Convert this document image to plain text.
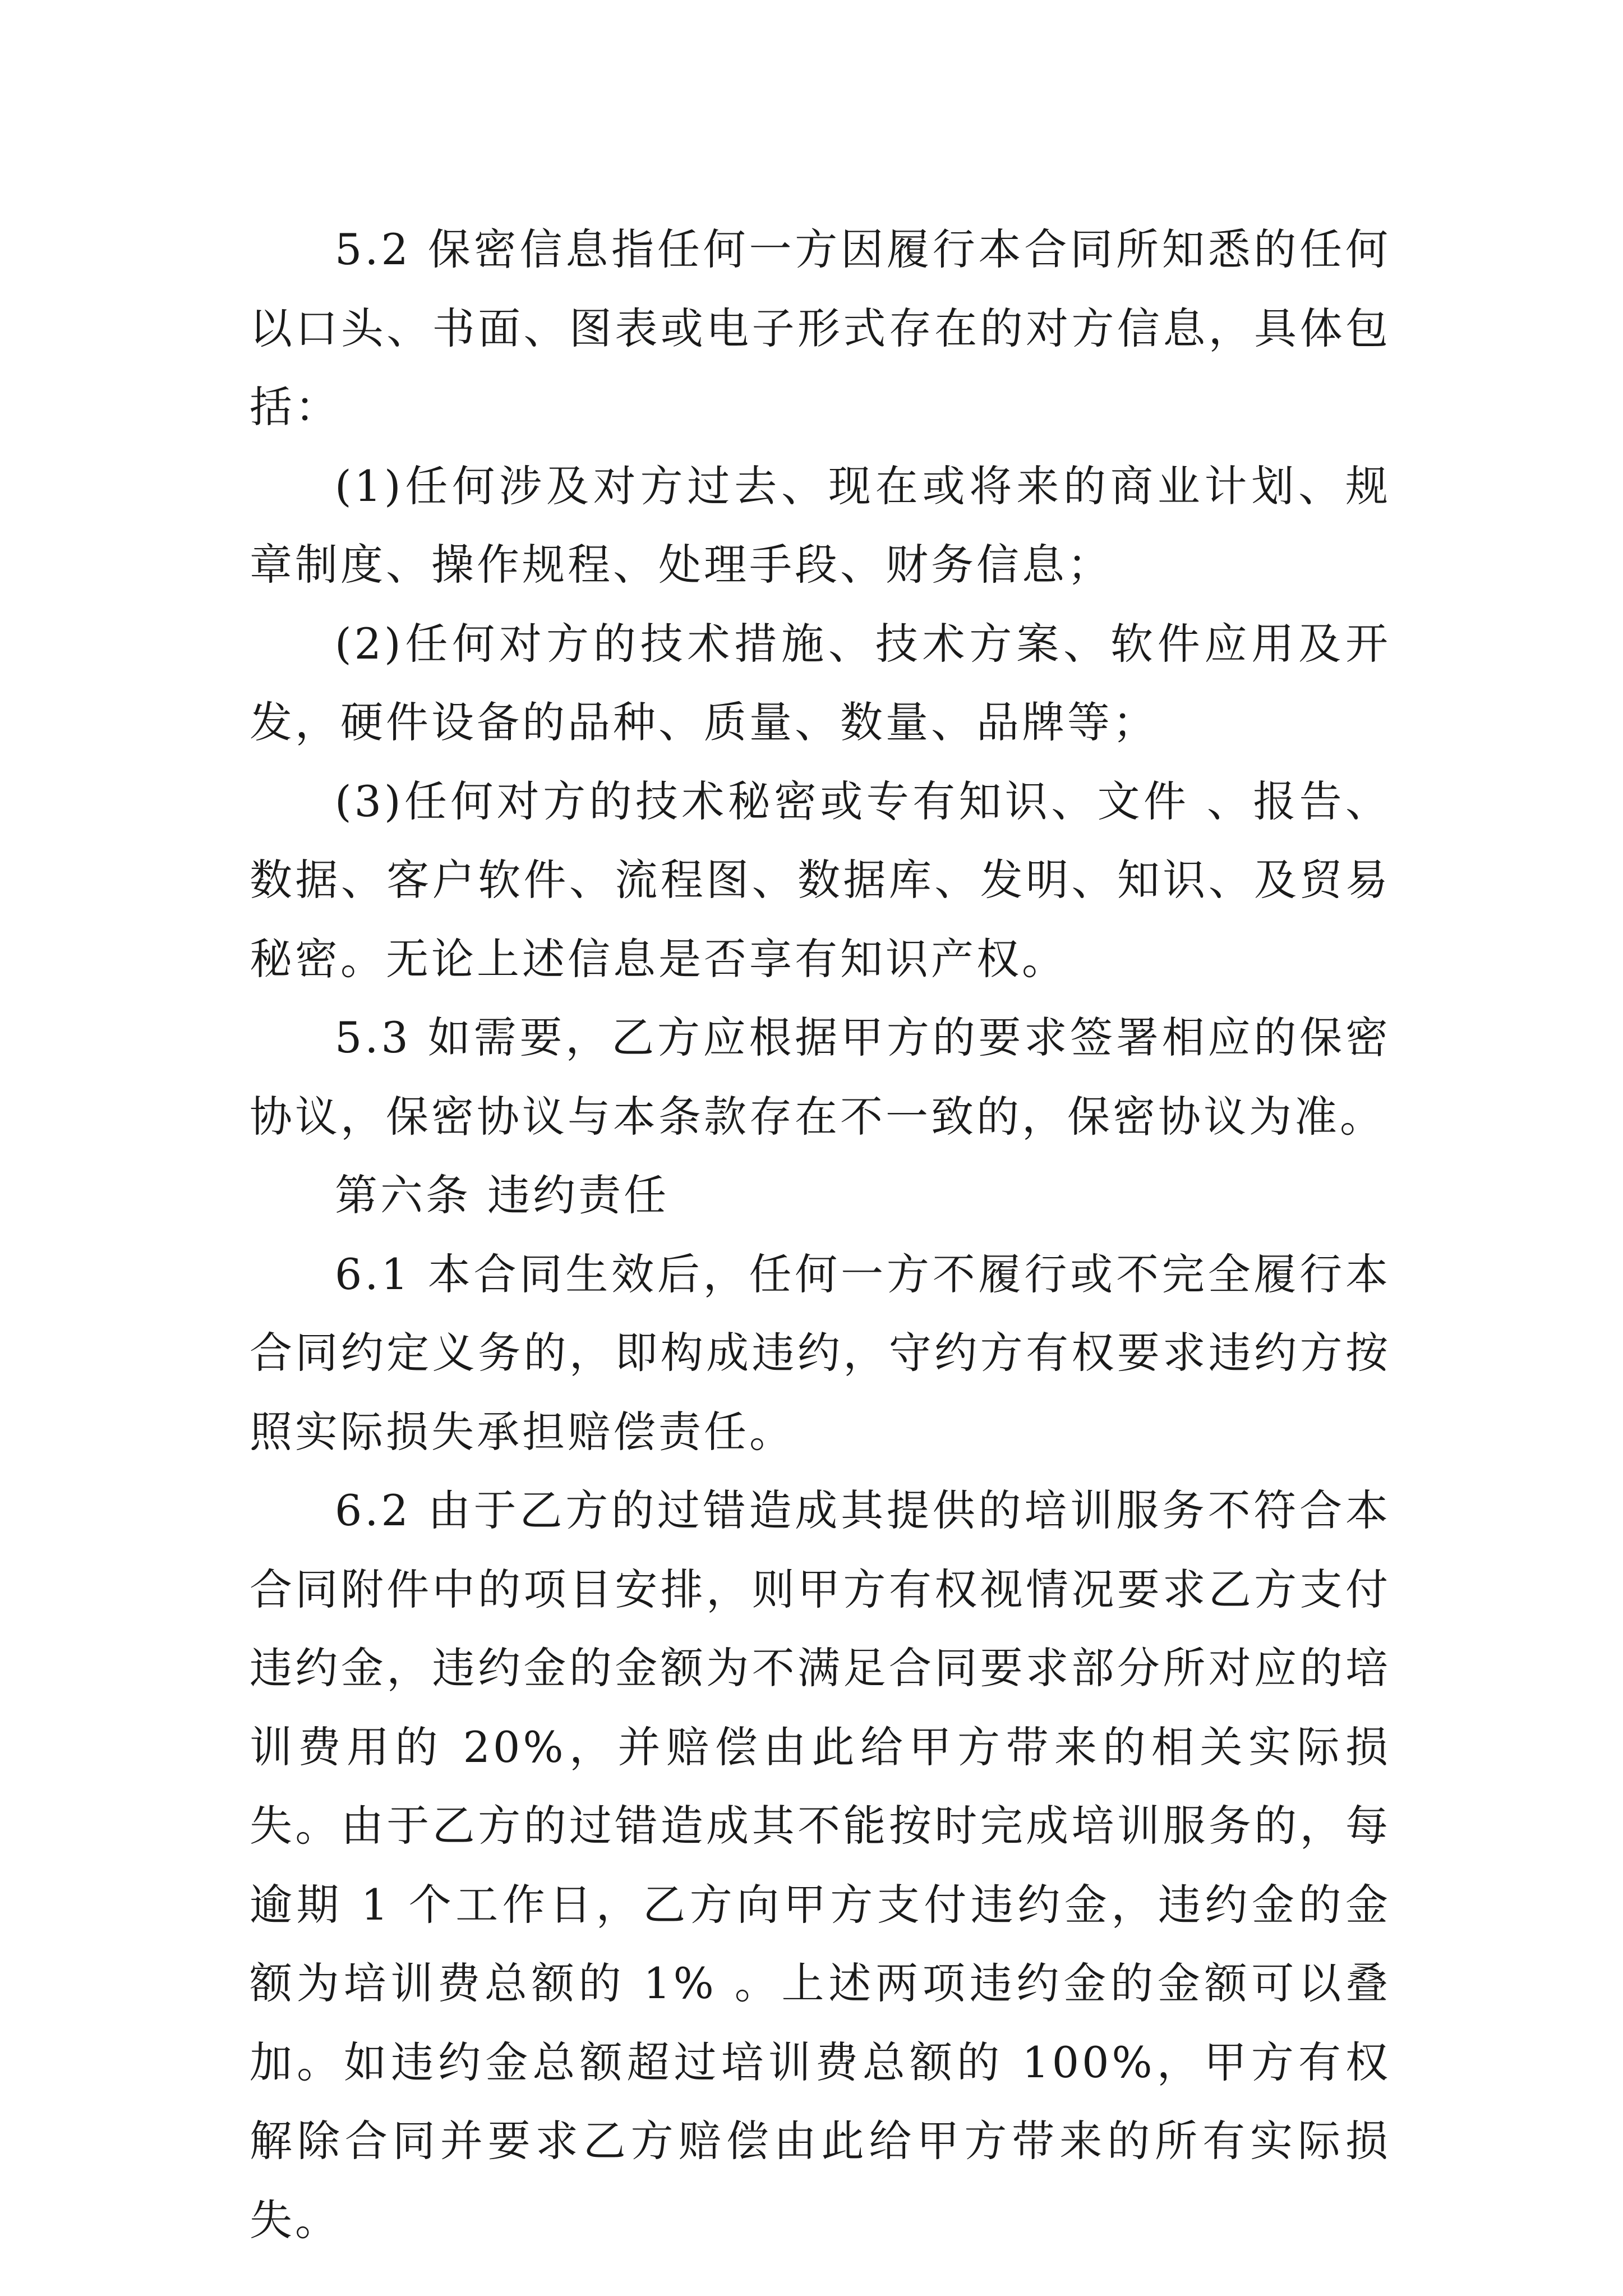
5.2 保密信息指任何一方因履行本合同所知悉的任何以口头、书面、图表或电子形式存在的对方信息，具体包括：

(1)任何涉及对方过去、现在或将来的商业计划、规章制度、操作规程、处理手段、财务信息；

(2)任何对方的技术措施、技术方案、软件应用及开发，硬件设备的品种、质量、数量、品牌等；

(3)任何对方的技术秘密或专有知识、文件 、报告、数据、客户软件、流程图、数据库、发明、知识、及贸易秘密。无论上述信息是否享有知识产权。

5.3 如需要，乙方应根据甲方的要求签署相应的保密协议，保密协议与本条款存在不一致的，保密协议为准。

第六条 违约责任

6.1 本合同生效后，任何一方不履行或不完全履行本合同约定义务的，即构成违约，守约方有权要求违约方按照实际损失承担赔偿责任。

6.2 由于乙方的过错造成其提供的培训服务不符合本合同附件中的项目安排，则甲方有权视情况要求乙方支付违约金，违约金的金额为不满足合同要求部分所对应的培训费用的 20%，并赔偿由此给甲方带来的相关实际损失。由于乙方的过错造成其不能按时完成培训服务的，每逾期 1 个工作日，乙方向甲方支付违约金，违约金的金额为培训费总额的 1% 。上述两项违约金的金额可以叠加。如违约金总额超过培训费总额的 100%，甲方有权解除合同并要求乙方赔偿由此给甲方带来的所有实际损失。
